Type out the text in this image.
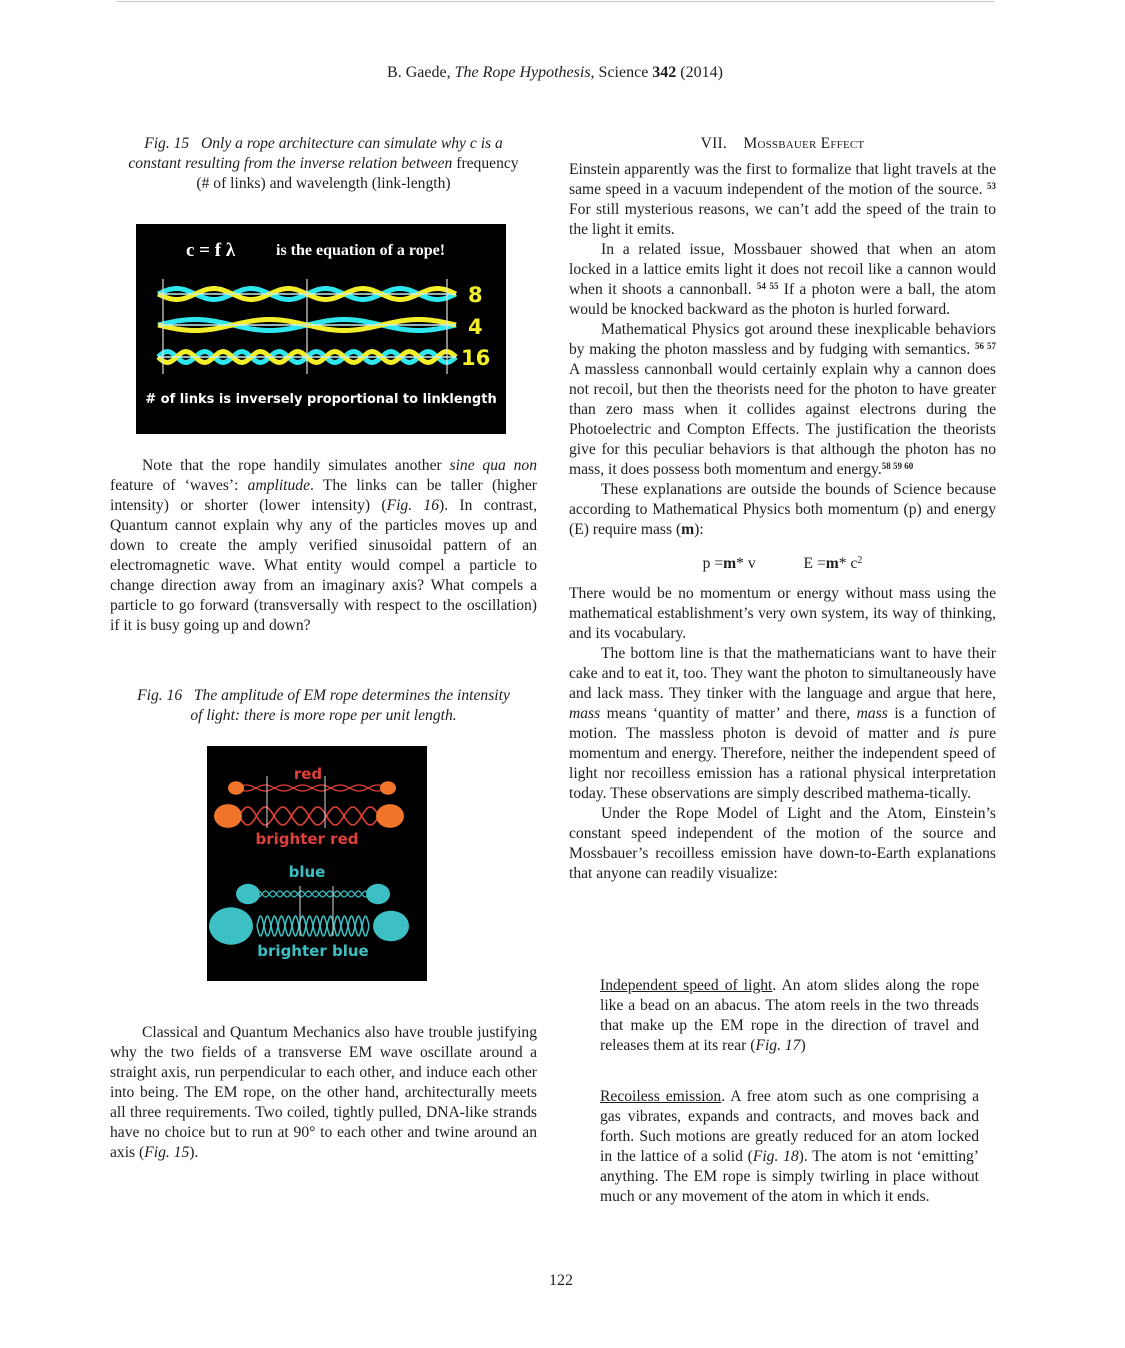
B. Gaede, The Rope Hypothesis, Science 342 (2014)
Fig. 15 Only a rope architecture can simulate why c is a constant resulting from the inverse relation between frequency (# of links) and wavelength (link-length)
c = f λ	is the equation of a rope!
8
4
16
# of links is inversely proportional to linklength

Note that the rope handily simulates another sine qua non feature of ‘waves’: amplitude. The links can be taller (higher intensity) or shorter (lower intensity) (Fig. 16). In contrast, Quantum cannot explain why any of the particles moves up and down to create the amply verified sinusoidal pattern of an electromagnetic wave. What entity would compel a particle to change direction away from an imaginary axis? What compels a particle to go forward (transversally with respect to the oscillation) if it is busy going up and down?

Fig. 16 The amplitude of EM rope determines the intensity of light: there is more rope per unit length.
red
brighter red
blue
brighter blue

Classical and Quantum Mechanics also have trouble justifying why the two fields of a transverse EM wave oscillate around a straight axis, run perpendicular to each other, and induce each other into being. The EM rope, on the other hand, architecturally meets all three requirements. Two coiled, tightly pulled, DNA-like strands have no choice but to run at 90° to each other and twine around an axis (Fig. 15).

VII. Mossbauer Effect

Einstein apparently was the first to formalize that light travels at the same speed in a vacuum independent of the motion of the source. $^{53}$ For still mysterious reasons, we can’t add the speed of the train to the light it emits.

In a related issue, Mossbauer showed that when an atom locked in a lattice emits light it does not recoil like a cannon would when it shoots a cannonball. $^{54 55}$ If a photon were a ball, the atom would be knocked backward as the photon is hurled forward.

Mathematical Physics got around these inexplicable behaviors by making the photon massless and by fudging with semantics. $^{56 57}$ A massless cannonball would certainly explain why a cannon does not recoil, but then the theorists need for the photon to have greater than zero mass when it collides against electrons during the Photoelectric and Compton Effects. The justification the theorists give for this peculiar behaviors is that although the photon has no mass, it does possess both momentum and energy.$^{58 59 60}$

These explanations are outside the bounds of Science because according to Mathematical Physics both momentum (p) and energy (E) require mass (m):

p =m* v	E =m* $c^2$

There would be no momentum or energy without mass using the mathematical establishment’s very own system, its way of thinking, and its vocabulary.

The bottom line is that the mathematicians want to have their cake and to eat it, too. They want the photon to simultaneously have and lack mass. They tinker with the language and argue that here, mass means ‘quantity of matter’ and there, mass is a function of motion. The massless photon is devoid of matter and is pure momentum and energy. Therefore, neither the independent speed of light nor recoilless emission has a rational physical interpretation today. These observations are simply described mathema-tically.

Under the Rope Model of Light and the Atom, Einstein’s constant speed independent of the motion of the source and Mossbauer’s recoilless emission have down-to-Earth explanations that anyone can readily visualize:

Independent speed of light. An atom slides along the rope like a bead on an abacus. The atom reels in the two threads that make up the EM rope in the direction of travel and releases them at its rear (Fig. 17)

Recoiless emission. A free atom such as one comprising a gas vibrates, expands and contracts, and moves back and forth. Such motions are greatly reduced for an atom locked in the lattice of a solid (Fig. 18). The atom is not ‘emitting’ anything. The EM rope is simply twirling in place without much or any movement of the atom in which it ends.

122
